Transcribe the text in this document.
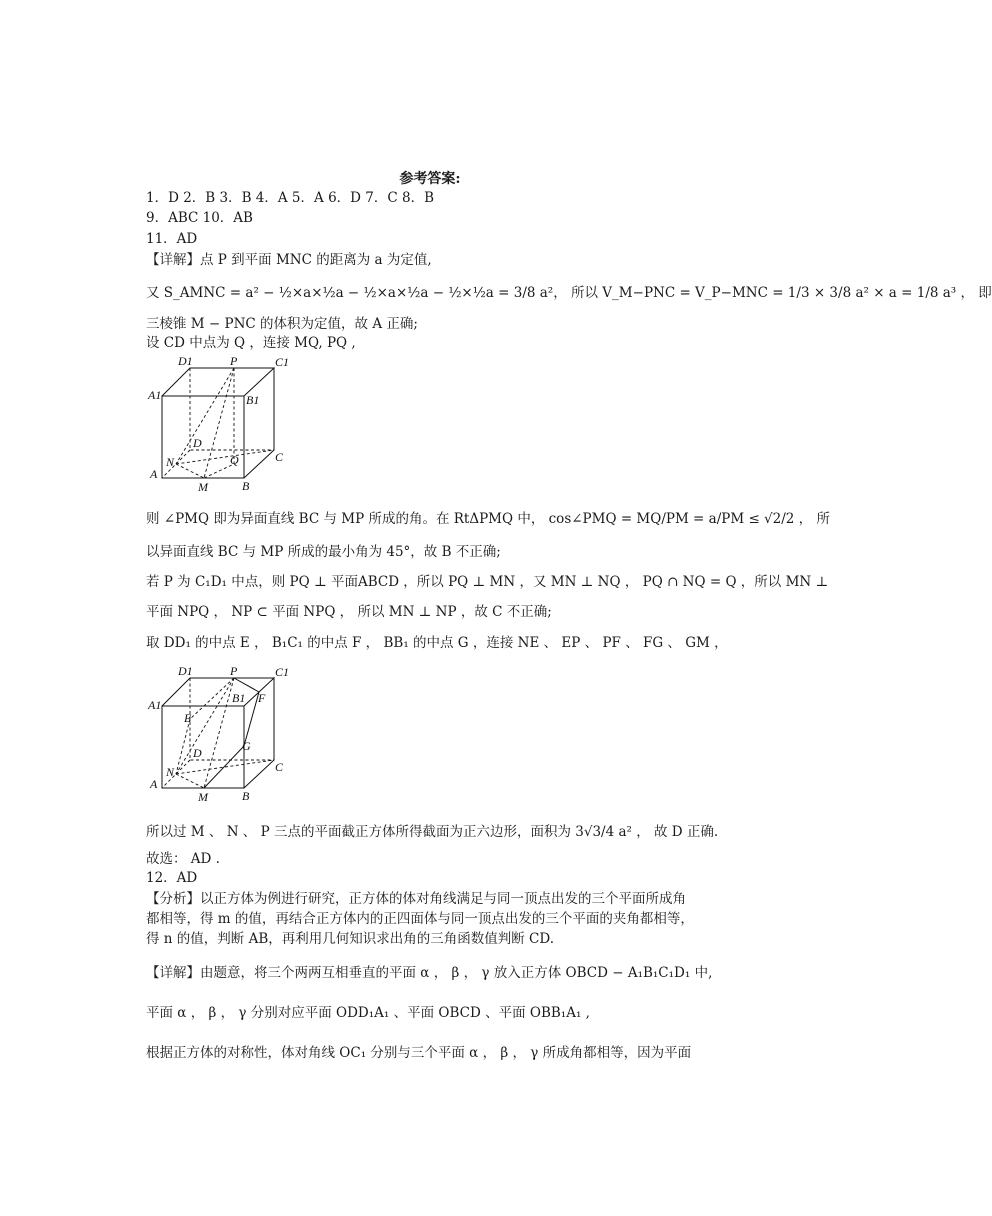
参考答案:
1．D 2．B 3．B 4．A 5．A 6．D 7．C 8．B
9．ABC 10．AB
11．AD
【详解】点 P 到平面 MNC 的距离为 a 为定值,
又 S_AMNC = a² − ½×a×½a − ½×a×½a − ½×½a = 3/8 a²， 所以 V_M−PNC = V_P−MNC = 1/3 × 3/8 a² × a = 1/8 a³ ， 即
三棱锥 M − PNC 的体积为定值，故 A 正确;
设 CD 中点为 Q ，连接 MQ, PQ ,
D1	P	C1
A1	B1
D
Q	C
N
A
M	B
则 ∠PMQ 即为异面直线 BC 与 MP 所成的角。在 RtΔPMQ 中， cos∠PMQ = MQ/PM = a/PM ≤ √2/2 ， 所
以异面直线 BC 与 MP 所成的最小角为 45°，故 B 不正确;
若 P 为 C₁D₁ 中点，则 PQ ⊥ 平面ABCD ，所以 PQ ⊥ MN ，又 MN ⊥ NQ ， PQ ∩ NQ = Q ，所以 MN ⊥
平面 NPQ ， NP ⊂ 平面 NPQ ， 所以 MN ⊥ NP ，故 C 不正确;
取 DD₁ 的中点 E ， B₁C₁ 的中点 F ， BB₁ 的中点 G ，连接 NE 、 EP 、 PF 、 FG 、 GM ，
D1	P	C1
A1	B1 F
E
D	G
C
N
A
M	B
所以过 M 、 N 、 P 三点的平面截正方体所得截面为正六边形，面积为 3√3/4 a² ， 故 D 正确.
故选： AD .
12．AD
【分析】以正方体为例进行研究，正方体的体对角线满足与同一顶点出发的三个平面所成角
都相等，得 m 的值，再结合正方体内的正四面体与同一顶点出发的三个平面的夹角都相等，
得 n 的值，判断 AB，再利用几何知识求出角的三角函数值判断 CD.
【详解】由题意，将三个两两互相垂直的平面 α ， β ， γ 放入正方体 OBCD − A₁B₁C₁D₁ 中,
平面 α ， β ， γ 分别对应平面 ODD₁A₁ 、平面 OBCD 、平面 OBB₁A₁ ,
根据正方体的对称性，体对角线 OC₁ 分别与三个平面 α ， β ， γ 所成角都相等，因为平面
